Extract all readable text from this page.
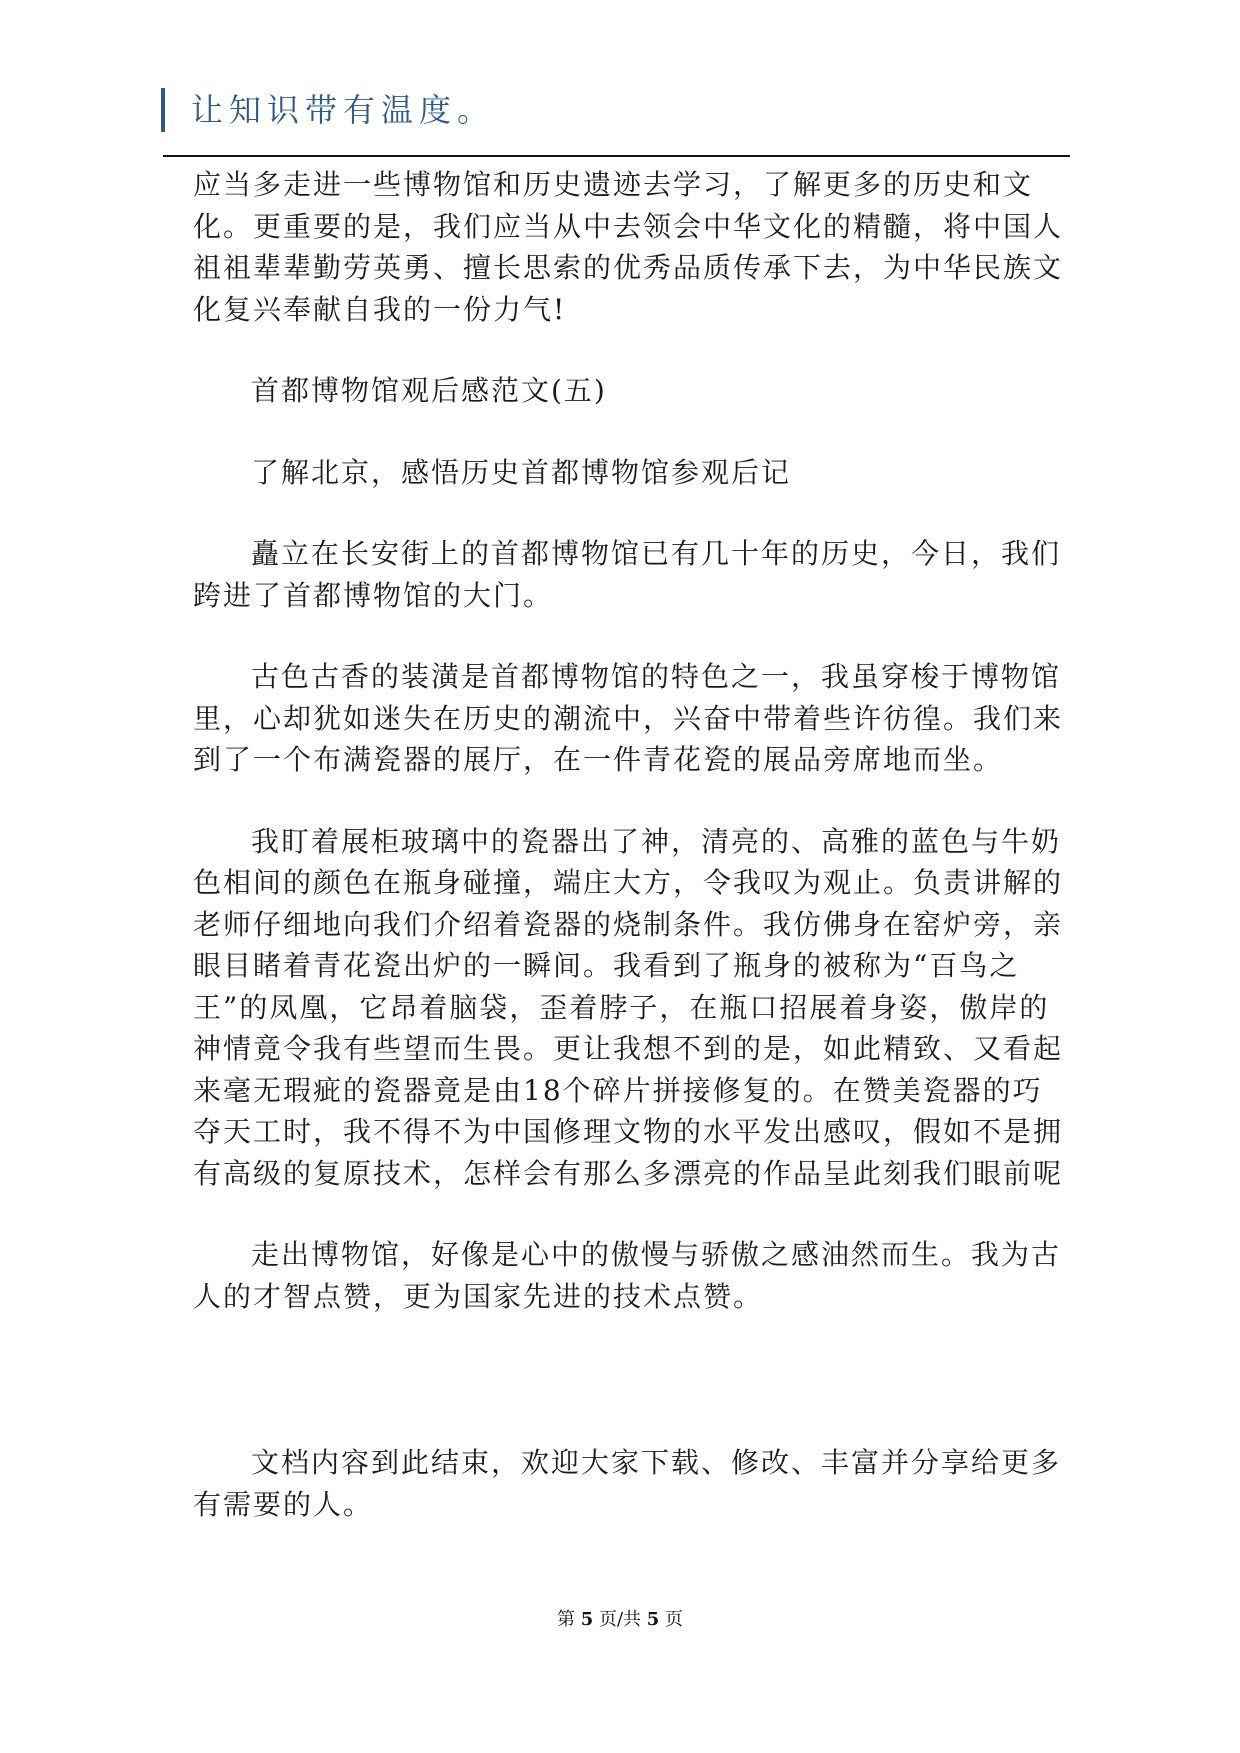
让知识带有温度。

应当多走进一些博物馆和历史遗迹去学习，了解更多的历史和文化。更重要的是，我们应当从中去领会中华文化的精髓，将中国人祖祖辈辈勤劳英勇、擅长思索的优秀品质传承下去，为中华民族文化复兴奉献自我的一份力气!

首都博物馆观后感范文(五)

了解北京，感悟历史首都博物馆参观后记

矗立在长安街上的首都博物馆已有几十年的历史，今日，我们跨进了首都博物馆的大门。

古色古香的装潢是首都博物馆的特色之一，我虽穿梭于博物馆里，心却犹如迷失在历史的潮流中，兴奋中带着些许彷徨。我们来到了一个布满瓷器的展厅，在一件青花瓷的展品旁席地而坐。

我盯着展柜玻璃中的瓷器出了神，清亮的、高雅的蓝色与牛奶色相间的颜色在瓶身碰撞，端庄大方，令我叹为观止。负责讲解的老师仔细地向我们介绍着瓷器的烧制条件。我仿佛身在窑炉旁，亲眼目睹着青花瓷出炉的一瞬间。我看到了瓶身的被称为“百鸟之王”的凤凰，它昂着脑袋，歪着脖子，在瓶口招展着身姿，傲岸的神情竟令我有些望而生畏。更让我想不到的是，如此精致、又看起来毫无瑕疵的瓷器竟是由18个碎片拼接修复的。在赞美瓷器的巧夺天工时，我不得不为中国修理文物的水平发出感叹，假如不是拥有高级的复原技术，怎样会有那么多漂亮的作品呈此刻我们眼前呢

走出博物馆，好像是心中的傲慢与骄傲之感油然而生。我为古人的才智点赞，更为国家先进的技术点赞。

文档内容到此结束，欢迎大家下载、修改、丰富并分享给更多有需要的人。

第 5 页/共 5 页
